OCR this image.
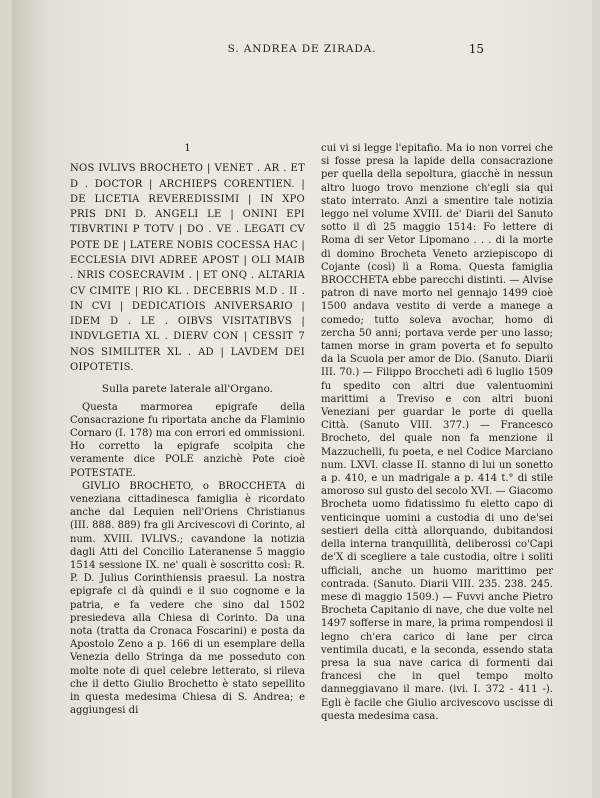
S. ANDREA DE ZIRADA.	15
1

NOS IVLIVS BROCHETO | VENET . AR . ET D . DOCTOR | ARCHIEPS CORENTIEN. | DE LICETIA REVEREDISSIMI | IN XPO PRIS DNI D. ANGELI LE | ONINI EPI TIBVRTINI P TOTV | DO . VE . LEGATI CV POTE DE | LATERE NOBIS COCESSA HAC | ECCLESIA DIVI ADREE APOST | OLI MAIB . NRIS COSECRAVIM . | ET ONQ . ALTARIA CV CIMITE | RIO KL . DECEBRIS M.D . II . IN CVI | DEDICATIOIS ANIVERSARIO | IDEM D . LE . OIBVS VISITATIBVS | INDVLGETIA XL . DIERV CON | CESSIT 7 NOS SIMILITER XL . AD | LAVDEM DEI OIPOTETIS.

Sulla parete laterale all'Organo.

Questa marmorea epigrafe della Consacrazione fu riportata anche da Flaminio Cornaro (I. 178) ma con errori ed ommissioni. Ho corretto la epigrafe scolpita che veramente dice POLE anzichè Pote cioè POTESTATE.

GIVLIO BROCHETO, o BROCCHETA di veneziana cittadinesca famiglia è ricordato anche dal Lequien nell'Oriens Christianus (III. 888. 889) fra gli Arcivescovi di Corinto, al num. XVIII. IVLIVS.; cavandone la notizia dagli Atti del Concilio Lateranense 5 maggio 1514 sessione IX. ne' quali è soscritto così: R. P. D. Julius Corinthiensis praesul. La nostra epigrafe ci dà quindi e il suo cognome e la patria, e fa vedere che sino dal 1502 presiedeva alla Chiesa di Corinto. Da una nota (tratta da Cronaca Foscarini) e posta da Apostolo Zeno a p. 166 di un esemplare della Venezia dello Stringa da me posseduto con molte note di quel celebre letterato, si rileva che il detto Giulio Brochetto è stato sepellito in questa medesima Chiesa di S. Andrea; e aggiungesi di

cui vi si legge l'epitafio. Ma io non vorrei che si fosse presa la lapide della consacrazione per quella della sepoltura, giacchè in nessun altro luogo trovo menzione ch'egli sia qui stato interrato. Anzi a smentire tale notizia leggo nel volume XVIII. de' Diarii del Sanuto sotto il dì 25 maggio 1514: Fo lettere di Roma di ser Vetor Lipomano . . . di la morte di domino Brocheta Veneto arziepiscopo di Cojante (così) lì a Roma. Questa famiglia BROCCHETA ebbe parecchi distinti. — Alvise patron di nave morto nel gennajo 1499 cioè 1500 andava vestito di verde a manege a comedo; tutto soleva avochar, homo di zercha 50 anni; portava verde per uno lasso; tamen morse in gram poverta et fo sepulto da la Scuola per amor de Dio. (Sanuto. Diarii III. 70.) — Filippo Broccheti adì 6 luglio 1509 fu spedito con altri due valentuomini marittimi a Treviso e con altri buoni Veneziani per guardar le porte di quella Città. (Sanuto VIII. 377.) — Francesco Brocheto, del quale non fa menzione il Mazzuchelli, fu poeta, e nel Codice Marciano num. LXVI. classe II. stanno di lui un sonetto a p. 410, e un madrigale a p. 414 t.° di stile amoroso sul gusto del secolo XVI. — Giacomo Brocheta uomo fidatissimo fu eletto capo di venticinque uomini a custodia di uno de'sei sestieri della città allorquando, dubitandosi della interna tranquillità, deliberossi co'Capi de'X di scegliere a tale custodia, oltre i soliti ufficiali, anche un huomo marittimo per contrada. (Sanuto. Diarii VIII. 235. 238. 245. mese di maggio 1509.) — Fuvvi anche Pietro Brocheta Capitanio di nave, che due volte nel 1497 sofferse in mare, la prima rompendosi il legno ch'era carico di lane per circa ventimila ducati, e la seconda, essendo stata presa la sua nave carica di formenti dai francesi che in quel tempo molto danneggiavano il mare. (ivi. I. 372 - 411 -). Egli è facile che Giulio arcivescovo uscisse di questa medesima casa.
